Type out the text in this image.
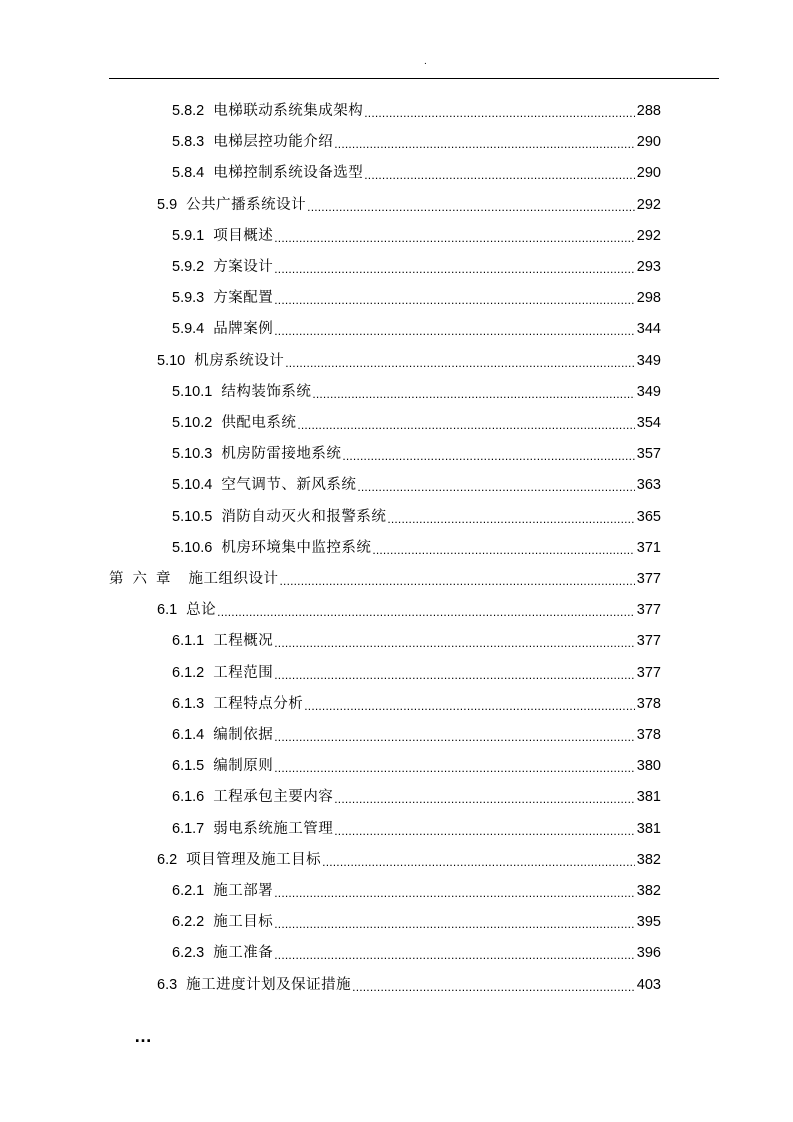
.
5.8.2 电梯联动系统集成架构 .....	288
5.8.3 电梯层控功能介绍 .....	290
5.8.4 电梯控制系统设备选型 .....	290
5.9 公共广播系统设计 .....	292
5.9.1 项目概述 .....	292
5.9.2 方案设计 .....	293
5.9.3 方案配置 .....	298
5.9.4 品牌案例 .....	344
5.10 机房系统设计 .....	349
5.10.1 结构装饰系统 .....	349
5.10.2 供配电系统 .....	354
5.10.3 机房防雷接地系统 .....	357
5.10.4 空气调节、新风系统 .....	363
5.10.5 消防自动灭火和报警系统 .....	365
5.10.6 机房环境集中监控系统 .....	371
第六章 施工组织设计 .....	377
6.1 总论 .....	377
6.1.1 工程概况 .....	377
6.1.2 工程范围 .....	377
6.1.3 工程特点分析 .....	378
6.1.4 编制依据 .....	378
6.1.5 编制原则 .....	380
6.1.6 工程承包主要内容 .....	381
6.1.7 弱电系统施工管理 .....	381
6.2 项目管理及施工目标 .....	382
6.2.1 施工部署 .....	382
6.2.2 施工目标 .....	395
6.2.3 施工准备 .....	396
6.3 施工进度计划及保证措施 .....	403
…
